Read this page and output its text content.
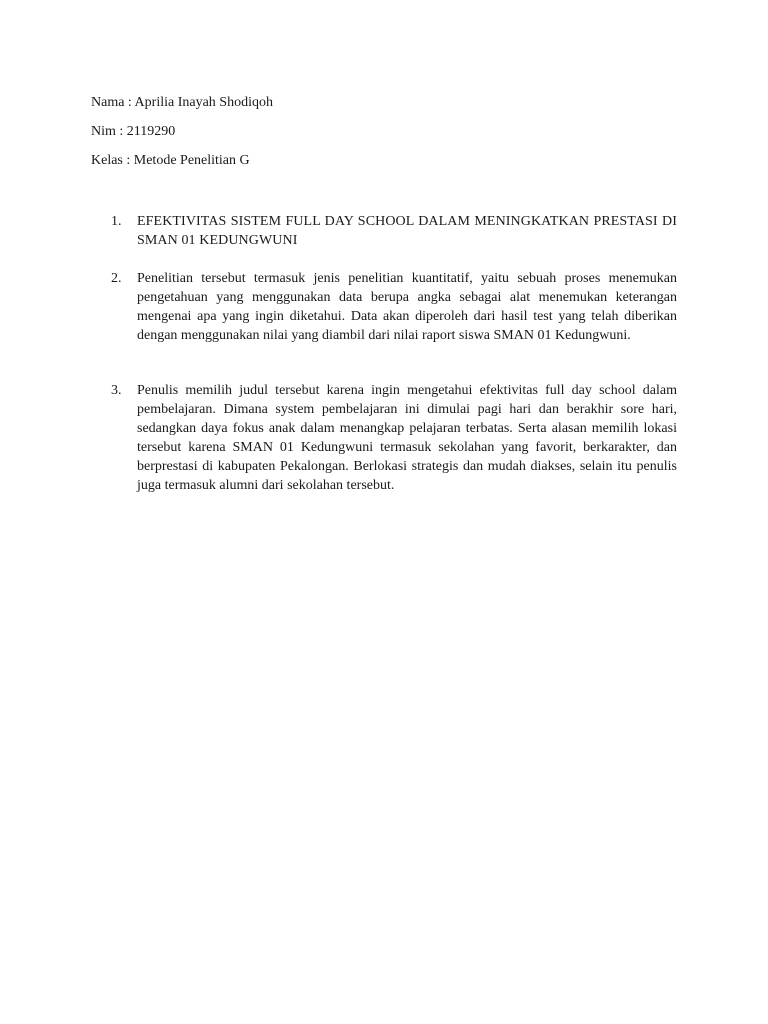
Nama : Aprilia Inayah Shodiqoh
Nim : 2119290
Kelas : Metode Penelitian G
1. EFEKTIVITAS SISTEM FULL DAY SCHOOL DALAM MENINGKATKAN PRESTASI DI SMAN 01 KEDUNGWUNI
2. Penelitian tersebut termasuk jenis penelitian kuantitatif, yaitu sebuah proses menemukan pengetahuan yang menggunakan data berupa angka sebagai alat menemukan keterangan mengenai apa yang ingin diketahui. Data akan diperoleh dari hasil test yang telah diberikan dengan menggunakan nilai yang diambil dari nilai raport siswa SMAN 01 Kedungwuni.
3. Penulis memilih judul tersebut karena ingin mengetahui efektivitas full day school dalam pembelajaran. Dimana system pembelajaran ini dimulai pagi hari dan berakhir sore hari, sedangkan daya fokus anak dalam menangkap pelajaran terbatas. Serta alasan memilih lokasi tersebut karena SMAN 01 Kedungwuni termasuk sekolahan yang favorit, berkarakter, dan berprestasi di kabupaten Pekalongan. Berlokasi strategis dan mudah diakses, selain itu penulis juga termasuk alumni dari sekolahan tersebut.
